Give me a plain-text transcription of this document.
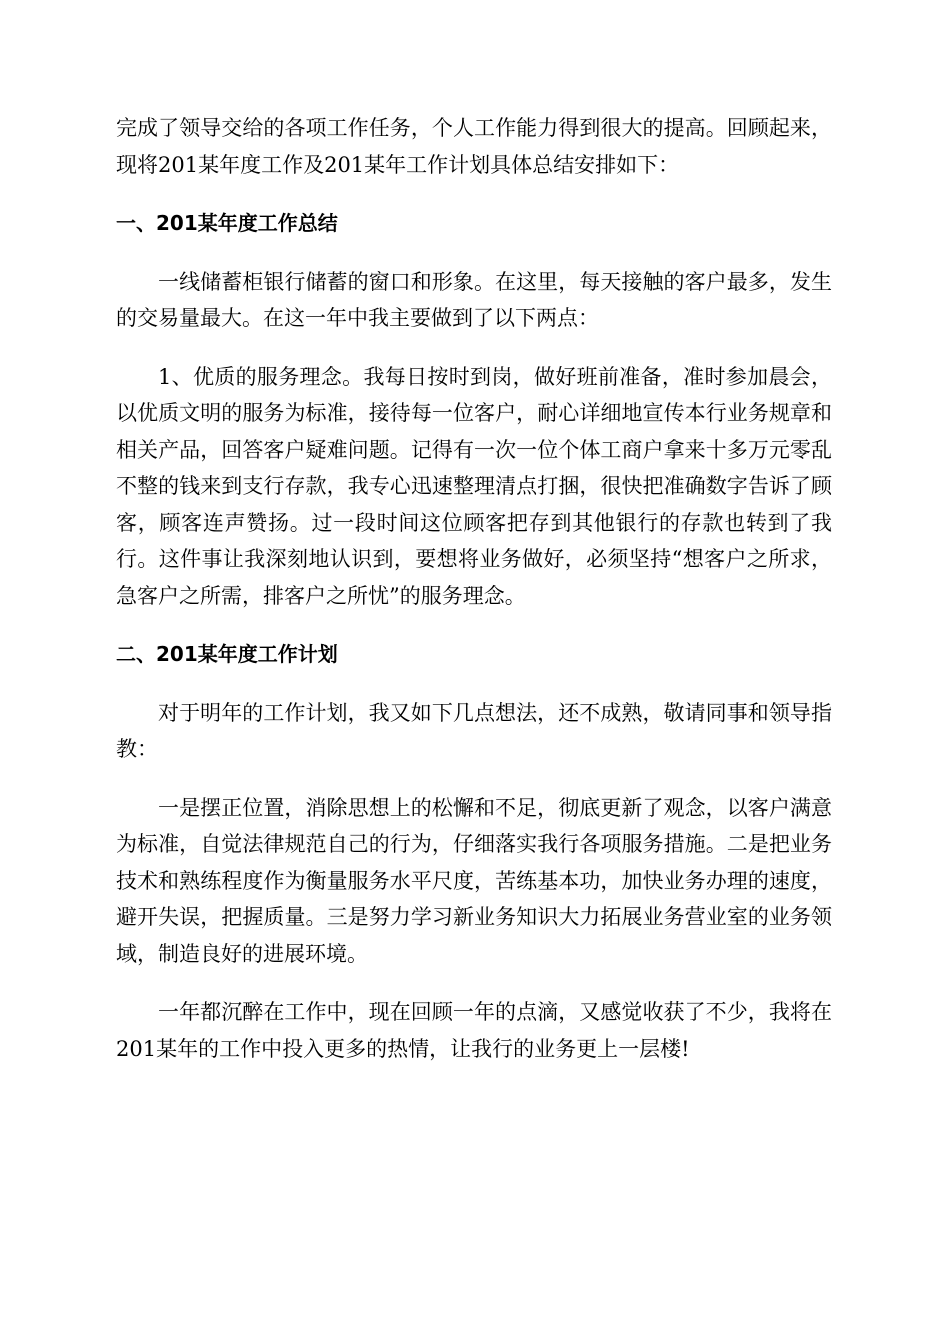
完成了领导交给的各项工作任务，个人工作能力得到很大的提高。回顾起来，现将201某年度工作及201某年工作计划具体总结安排如下：

一、201某年度工作总结

一线储蓄柜银行储蓄的窗口和形象。在这里，每天接触的客户最多，发生的交易量最大。在这一年中我主要做到了以下两点：

1、优质的服务理念。我每日按时到岗，做好班前准备，准时参加晨会，以优质文明的服务为标准，接待每一位客户，耐心详细地宣传本行业务规章和相关产品，回答客户疑难问题。记得有一次一位个体工商户拿来十多万元零乱不整的钱来到支行存款，我专心迅速整理清点打捆，很快把准确数字告诉了顾客，顾客连声赞扬。过一段时间这位顾客把存到其他银行的存款也转到了我行。这件事让我深刻地认识到，要想将业务做好，必须坚持“想客户之所求，急客户之所需，排客户之所忧”的服务理念。

二、201某年度工作计划

对于明年的工作计划，我又如下几点想法，还不成熟，敬请同事和领导指教：

一是摆正位置，消除思想上的松懈和不足，彻底更新了观念，以客户满意为标准，自觉法律规范自己的行为，仔细落实我行各项服务措施。二是把业务技术和熟练程度作为衡量服务水平尺度，苦练基本功，加快业务办理的速度，避开失误，把握质量。三是努力学习新业务知识大力拓展业务营业室的业务领域，制造良好的进展环境。

一年都沉醉在工作中，现在回顾一年的点滴，又感觉收获了不少，我将在201某年的工作中投入更多的热情，让我行的业务更上一层楼!
